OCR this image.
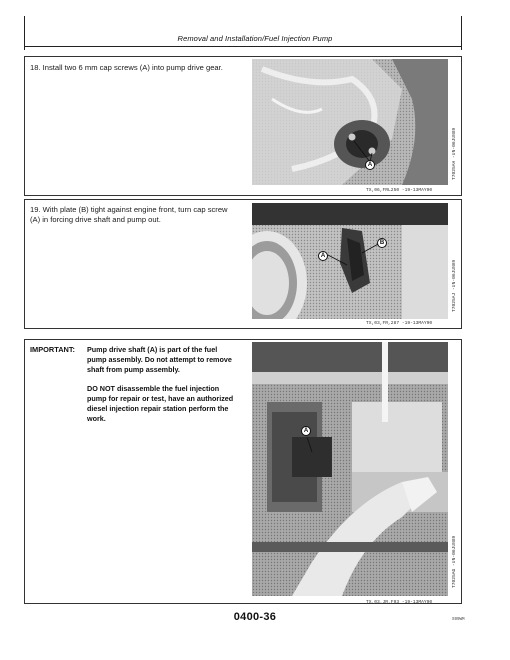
Removal and Installation/Fuel Injection Pump
18. Install two 6 mm cap screws (A) into pump drive gear.
A	T7025AH -UN-06JUN89
TX,06,FRL250 -19-13MAY90
19. With plate (B) tight against engine front, turn cap screw (A) in forcing drive shaft and pump out.
A
B
T7025AJ -UN-06JUN89
TX,03,FR,287 -19-13MAY90
IMPORTANT: Pump drive shaft (A) is part of the fuel pump assembly. Do not attempt to remove shaft from pump assembly.
DO NOT disassemble the fuel injection pump for repair or test, have an authorized diesel injection repair station perform the work.
A
T7025AG -UN-06JUN89
TX,03,JR,F93 -19-13MAY90
0400-36	S99WM
